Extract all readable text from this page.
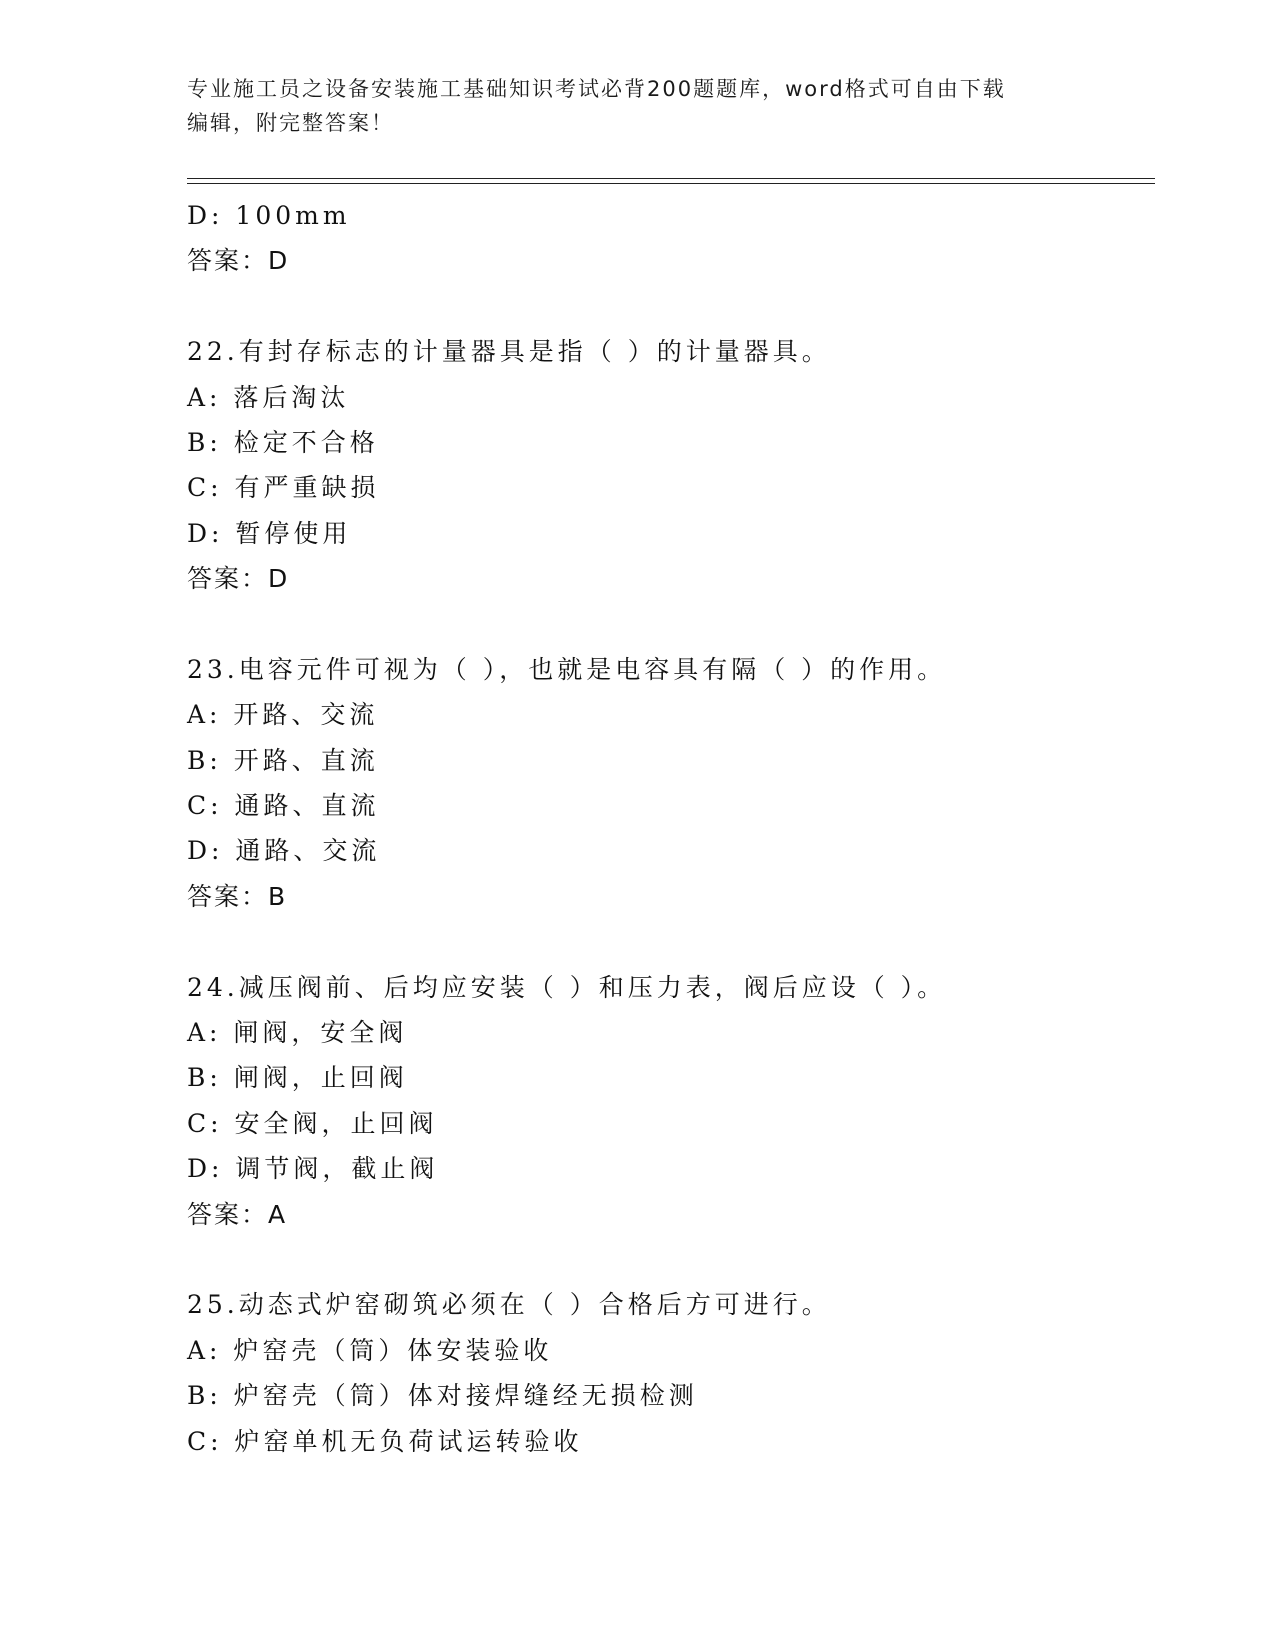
专业施工员之设备安装施工基础知识考试必背200题题库，word格式可自由下载
编辑，附完整答案！
D: 100mm
答案：D
22.有封存标志的计量器具是指（ ）的计量器具。
A: 落后淘汰
B: 检定不合格
C: 有严重缺损
D: 暂停使用
答案：D
23.电容元件可视为（ ），也就是电容具有隔（ ）的作用。
A: 开路、交流
B: 开路、直流
C: 通路、直流
D: 通路、交流
答案：B
24.减压阀前、后均应安装（ ）和压力表，阀后应设（ ）。
A: 闸阀，安全阀
B: 闸阀，止回阀
C: 安全阀，止回阀
D: 调节阀，截止阀
答案：A
25.动态式炉窑砌筑必须在（ ）合格后方可进行。
A: 炉窑壳（筒）体安装验收
B: 炉窑壳（筒）体对接焊缝经无损检测
C: 炉窑单机无负荷试运转验收
